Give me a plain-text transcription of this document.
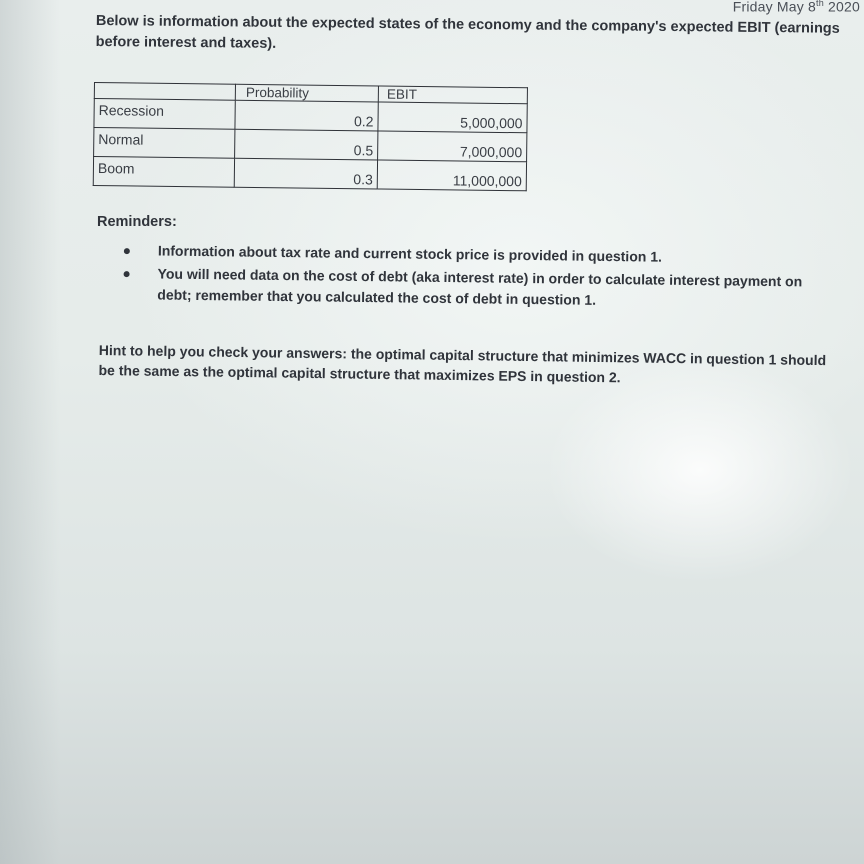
Friday May 8th 2020
Below is information about the expected states of the economy and the company's expected EBIT (earnings before interest and taxes).
	Probability	EBIT
Recession	0.2	5,000,000
Normal	0.5	7,000,000
Boom	0.3	11,000,000
Reminders:
Information about tax rate and current stock price is provided in question 1.
You will need data on the cost of debt (aka interest rate) in order to calculate interest payment on debt; remember that you calculated the cost of debt in question 1.
Hint to help you check your answers: the optimal capital structure that minimizes WACC in question 1 should be the same as the optimal capital structure that maximizes EPS in question 2.
